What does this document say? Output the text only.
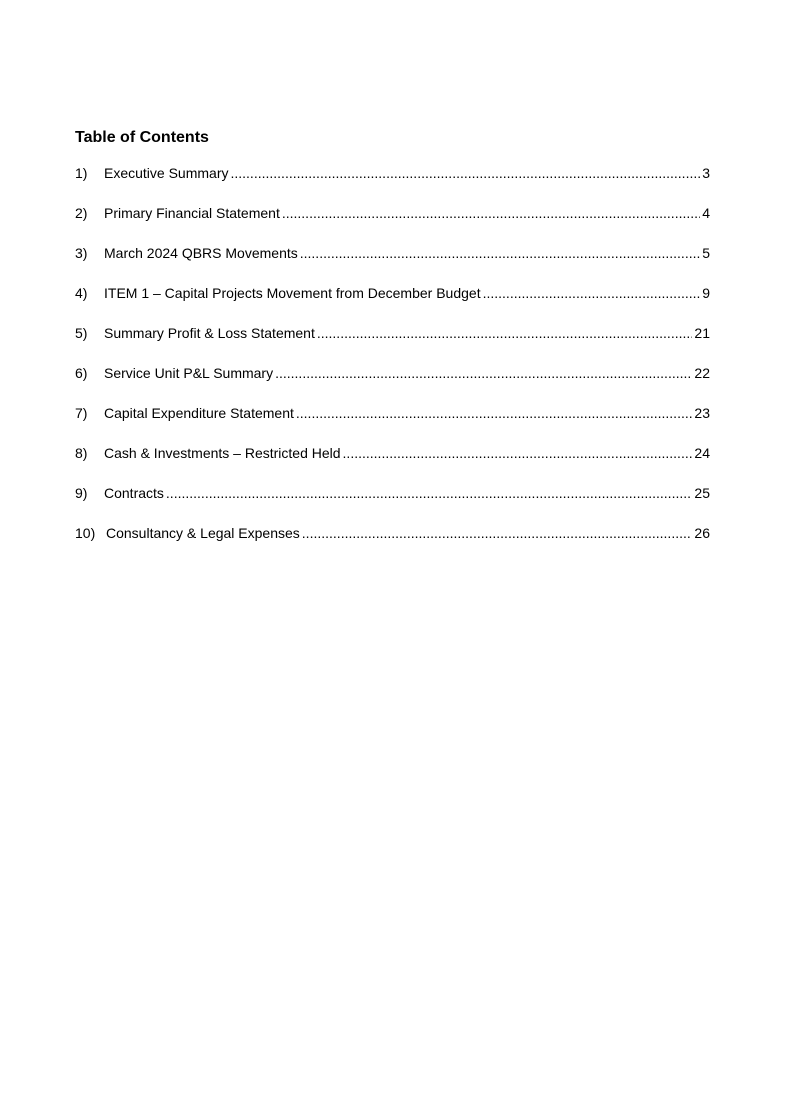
Table of Contents
1)	Executive Summary .....	3
2)	Primary Financial Statement .....	4
3)	March 2024 QBRS Movements .....	5
4)	ITEM 1 – Capital Projects Movement from December Budget .....	9
5)	Summary Profit & Loss Statement .....	21
6)	Service Unit P&L Summary .....	22
7)	Capital Expenditure Statement .....	23
8)	Cash & Investments – Restricted Held .....	24
9)	Contracts .....	25
10) Consultancy & Legal Expenses .....	26
